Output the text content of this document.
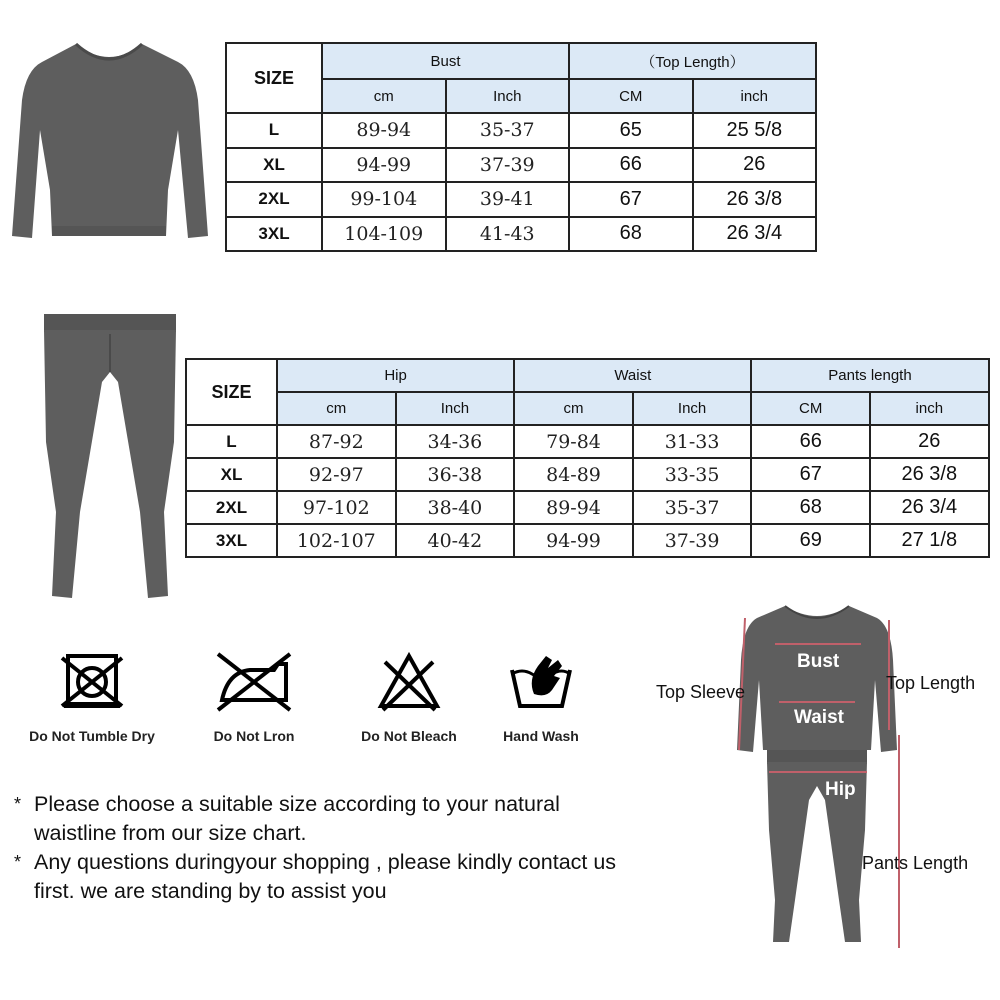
SIZE	Bust		（Top Length）	
	cm	Inch	CM	inch
L	89-94	35-37	65	25 5/8
XL	94-99	37-39	66	26
2XL	99-104	39-41	67	26 3/8
3XL	104-109	41-43	68	26 3/4
SIZE	Hip		Waist		Pants length	
	cm	Inch	cm	Inch	CM	inch
L	87-92	34-36	79-84	31-33	66	26
XL	92-97	36-38	84-89	33-35	67	26 3/8
2XL	97-102	38-40	89-94	35-37	68	26 3/4
3XL	102-107	40-42	94-99	37-39	69	27 1/8
Do Not Tumble Dry	Do Not Lron	Do Not Bleach	Hand Wash
* Please choose a suitable size according to your natural waistline from our size chart.
* Any questions duringyour shopping , please kindly contact us first. we are standing by to assist you
Top Sleeve
Bust
Top Length
Waist
Hip
Pants Length
